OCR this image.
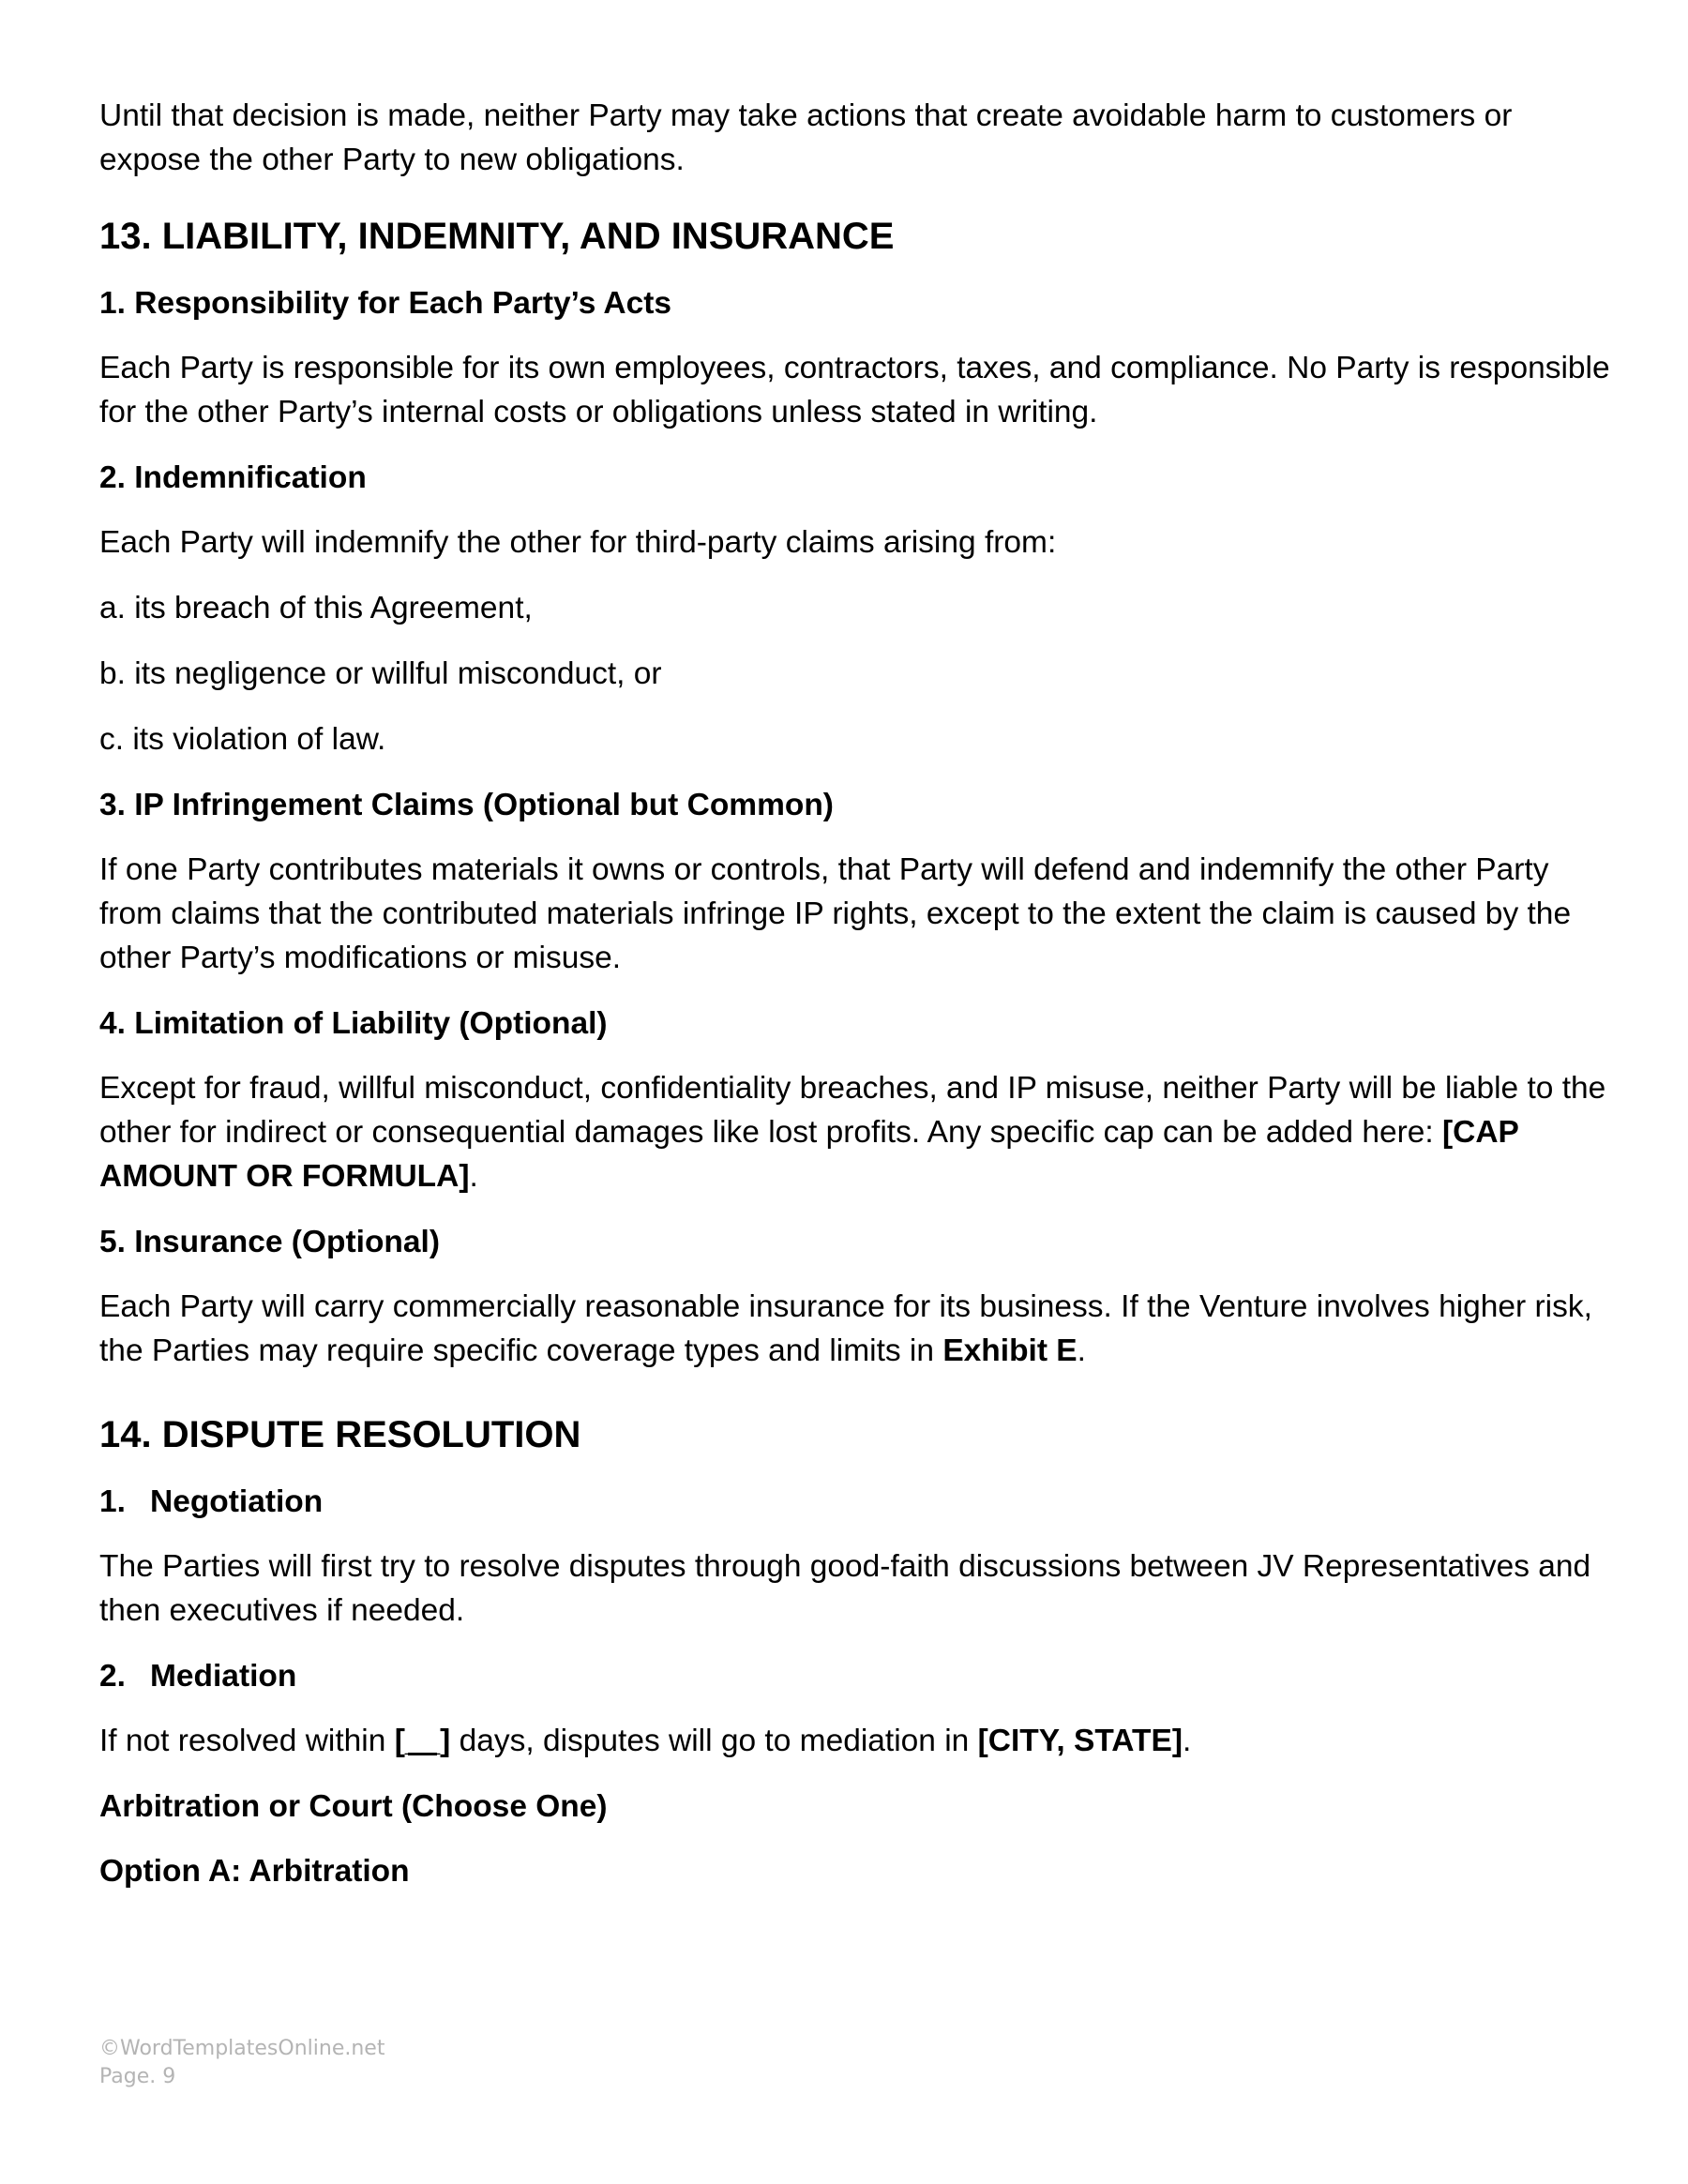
Until that decision is made, neither Party may take actions that create avoidable harm to customers or expose the other Party to new obligations.

13. LIABILITY, INDEMNITY, AND INSURANCE
1. Responsibility for Each Party’s Acts

Each Party is responsible for its own employees, contractors, taxes, and compliance. No Party is responsible for the other Party’s internal costs or obligations unless stated in writing.

2. Indemnification

Each Party will indemnify the other for third-party claims arising from:

a. its breach of this Agreement,

b. its negligence or willful misconduct, or

c. its violation of law.

3. IP Infringement Claims (Optional but Common)

If one Party contributes materials it owns or controls, that Party will defend and indemnify the other Party from claims that the contributed materials infringe IP rights, except to the extent the claim is caused by the other Party’s modifications or misuse.

4. Limitation of Liability (Optional)

Except for fraud, willful misconduct, confidentiality breaches, and IP misuse, neither Party will be liable to the other for indirect or consequential damages like lost profits. Any specific cap can be added here: [CAP AMOUNT OR FORMULA].

5. Insurance (Optional)

Each Party will carry commercially reasonable insurance for its business. If the Venture involves higher risk, the Parties may require specific coverage types and limits in Exhibit E.

14. DISPUTE RESOLUTION
1. Negotiation

The Parties will first try to resolve disputes through good-faith discussions between JV Representatives and then executives if needed.

2. Mediation

If not resolved within [__] days, disputes will go to mediation in [CITY, STATE].

Arbitration or Court (Choose One)
Option A: Arbitration
©WordTemplatesOnline.net
Page. 9
